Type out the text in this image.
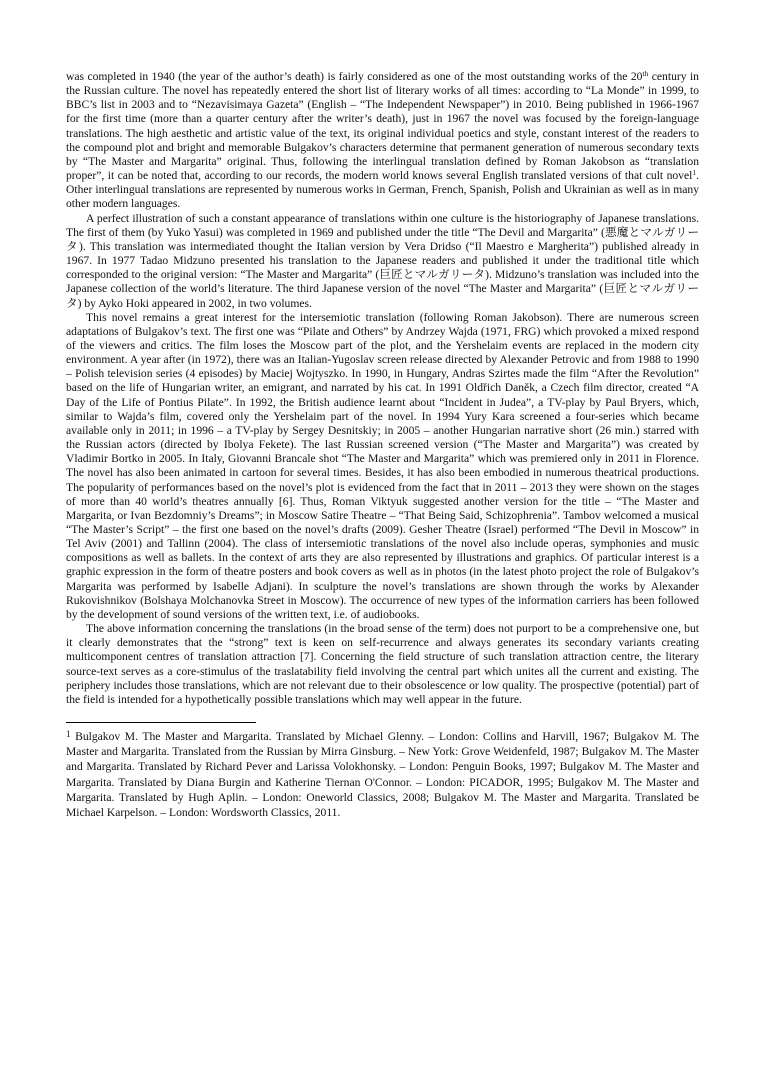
was completed in 1940 (the year of the author’s death) is fairly considered as one of the most outstanding works of the 20th century in the Russian culture. The novel has repeatedly entered the short list of literary works of all times: according to “La Monde” in 1999, to BBC’s list in 2003 and to “Nezavisimaya Gazeta” (English – “The Independent Newspaper”) in 2010. Being published in 1966-1967 for the first time (more than a quarter century after the writer’s death), just in 1967 the novel was focused by the foreign-language translations. The high aesthetic and artistic value of the text, its original individual poetics and style, constant interest of the readers to the compound plot and bright and memorable Bulgakov’s characters determine that permanent generation of numerous secondary texts by “The Master and Margarita” original. Thus, following the interlingual translation defined by Roman Jakobson as “translation proper”, it can be noted that, according to our records, the modern world knows several English translated versions of that cult novel$^1$. Other interlingual translations are represented by numerous works in German, French, Spanish, Polish and Ukrainian as well as in many other modern languages.

A perfect illustration of such a constant appearance of translations within one culture is the historiography of Japanese translations. The first of them (by Yuko Yasui) was completed in 1969 and published under the title “The Devil and Margarita” (悪魔とマルガリータ). This translation was intermediated thought the Italian version by Vera Dridso (“Il Maestro e Margherita”) published already in 1967. In 1977 Tadao Midzuno presented his translation to the Japanese readers and published it under the traditional title which corresponded to the original version: “The Master and Margarita” (巨匠とマルガリータ). Midzuno’s translation was included into the Japanese collection of the world’s literature. The third Japanese version of the novel “The Master and Margarita” (巨匠とマルガリータ) by Ayko Hoki appeared in 2002, in two volumes.

This novel remains a great interest for the intersemiotic translation (following Roman Jakobson). There are numerous screen adaptations of Bulgakov’s text. The first one was “Pilate and Others” by Andrzey Wajda (1971, FRG) which provoked a mixed respond of the viewers and critics. The film loses the Moscow part of the plot, and the Yershelaim events are replaced in the modern city environment. A year after (in 1972), there was an Italian-Yugoslav screen release directed by Alexander Petrovic and from 1988 to 1990 – Polish television series (4 episodes) by Maciej Wojtyszko. In 1990, in Hungary, Andras Szirtes made the film “After the Revolution” based on the life of Hungarian writer, an emigrant, and narrated by his cat. In 1991 Oldřich Daněk, a Czech film director, created “A Day of the Life of Pontius Pilate”. In 1992, the British audience learnt about “Incident in Judea”, a TV-play by Paul Bryers, which, similar to Wajda’s film, covered only the Yershelaim part of the novel. In 1994 Yury Kara screened a four-series which became available only in 2011; in 1996 – a TV-play by Sergey Desnitskiy; in 2005 – another Hungarian narrative short (26 min.) starred with the Russian actors (directed by Ibolya Fekete). The last Russian screened version (“The Master and Margarita”) was created by Vladimir Bortko in 2005. In Italy, Giovanni Brancale shot “The Master and Margarita” which was premiered only in 2011 in Florence. The novel has also been animated in cartoon for several times. Besides, it has also been embodied in numerous theatrical productions. The popularity of performances based on the novel’s plot is evidenced from the fact that in 2011 – 2013 they were shown on the stages of more than 40 world’s theatres annually [6]. Thus, Roman Viktyuk suggested another version for the title – “The Master and Margarita, or Ivan Bezdomniy’s Dreams”; in Moscow Satire Theatre – “That Being Said, Schizophrenia”. Tambov welcomed a musical “The Master’s Script” – the first one based on the novel’s drafts (2009). Gesher Theatre (Israel) performed “The Devil in Moscow” in Tel Aviv (2001) and Tallinn (2004). The class of intersemiotic translations of the novel also include operas, symphonies and music compositions as well as ballets. In the context of arts they are also represented by illustrations and graphics. Of particular interest is a graphic expression in the form of theatre posters and book covers as well as in photos (in the latest photo project the role of Bulgakov’s Margarita was performed by Isabelle Adjani). In sculpture the novel’s translations are shown through the works by Alexander Rukovishnikov (Bolshaya Molchanovka Street in Moscow). The occurrence of new types of the information carriers has been followed by the development of sound versions of the written text, i.e. of audiobooks.

The above information concerning the translations (in the broad sense of the term) does not purport to be a comprehensive one, but it clearly demonstrates that the “strong” text is keen on self-recurrence and always generates its secondary variants creating multicomponent centres of translation attraction [7]. Concerning the field structure of such translation attraction centre, the literary source-text serves as a core-stimulus of the traslatability field involving the central part which unites all the current and existing. The periphery includes those translations, which are not relevant due to their obsolescence or low quality. The prospective (potential) part of the field is intended for a hypothetically possible translations which may well appear in the future.

$^1$ Bulgakov M. The Master and Margarita. Translated by Michael Glenny. – London: Collins and Harvill, 1967; Bulgakov M. The Master and Margarita. Translated from the Russian by Mirra Ginsburg. – New York: Grove Weidenfeld, 1987; Bulgakov M. The Master and Margarita. Translated by Richard Pever and Larissa Volokhonsky. – London: Penguin Books, 1997; Bulgakov M. The Master and Margarita. Translated by Diana Burgin and Katherine Tiernan O'Connor. – London: PICADOR, 1995; Bulgakov M. The Master and Margarita. Translated by Hugh Aplin. – London: Oneworld Classics, 2008; Bulgakov M. The Master and Margarita. Translated be Michael Karpelson. – London: Wordsworth Classics, 2011.
